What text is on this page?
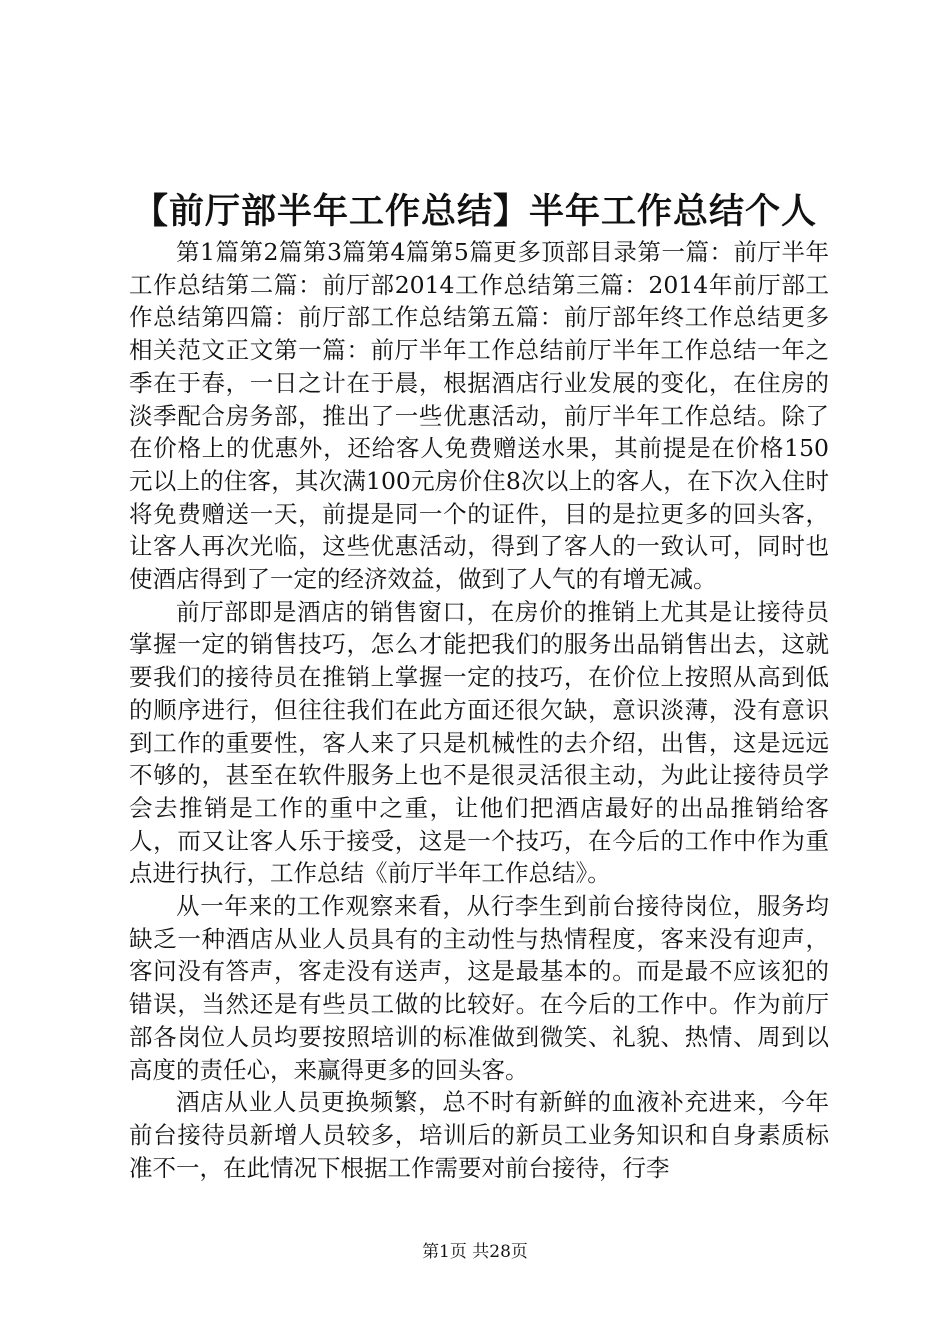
【前厅部半年工作总结】半年工作总结个人

第1篇第2篇第3篇第4篇第5篇更多顶部目录第一篇：前厅半年工作总结第二篇：前厅部2014工作总结第三篇：2014年前厅部工作总结第四篇：前厅部工作总结第五篇：前厅部年终工作总结更多相关范文正文第一篇：前厅半年工作总结前厅半年工作总结一年之季在于春，一日之计在于晨，根据酒店行业发展的变化，在住房的淡季配合房务部，推出了一些优惠活动，前厅半年工作总结。除了在价格上的优惠外，还给客人免费赠送水果，其前提是在价格150元以上的住客，其次满100元房价住8次以上的客人，在下次入住时将免费赠送一天，前提是同一个的证件，目的是拉更多的回头客，让客人再次光临，这些优惠活动，得到了客人的一致认可，同时也使酒店得到了一定的经济效益，做到了人气的有增无减。

前厅部即是酒店的销售窗口，在房价的推销上尤其是让接待员掌握一定的销售技巧，怎么才能把我们的服务出品销售出去，这就要我们的接待员在推销上掌握一定的技巧，在价位上按照从高到低的顺序进行，但往往我们在此方面还很欠缺，意识淡薄，没有意识到工作的重要性，客人来了只是机械性的去介绍，出售，这是远远不够的，甚至在软件服务上也不是很灵活很主动，为此让接待员学会去推销是工作的重中之重，让他们把酒店最好的出品推销给客人，而又让客人乐于接受，这是一个技巧，在今后的工作中作为重点进行执行，工作总结《前厅半年工作总结》。

从一年来的工作观察来看，从行李生到前台接待岗位，服务均缺乏一种酒店从业人员具有的主动性与热情程度，客来没有迎声，客问没有答声，客走没有送声，这是最基本的。而是最不应该犯的错误，当然还是有些员工做的比较好。在今后的工作中。作为前厅部各岗位人员均要按照培训的标准做到微笑、礼貌、热情、周到以高度的责任心，来赢得更多的回头客。

酒店从业人员更换频繁，总不时有新鲜的血液补充进来，今年前台接待员新增人员较多，培训后的新员工业务知识和自身素质标准不一，在此情况下根据工作需要对前台接待，行李

第1页 共28页
